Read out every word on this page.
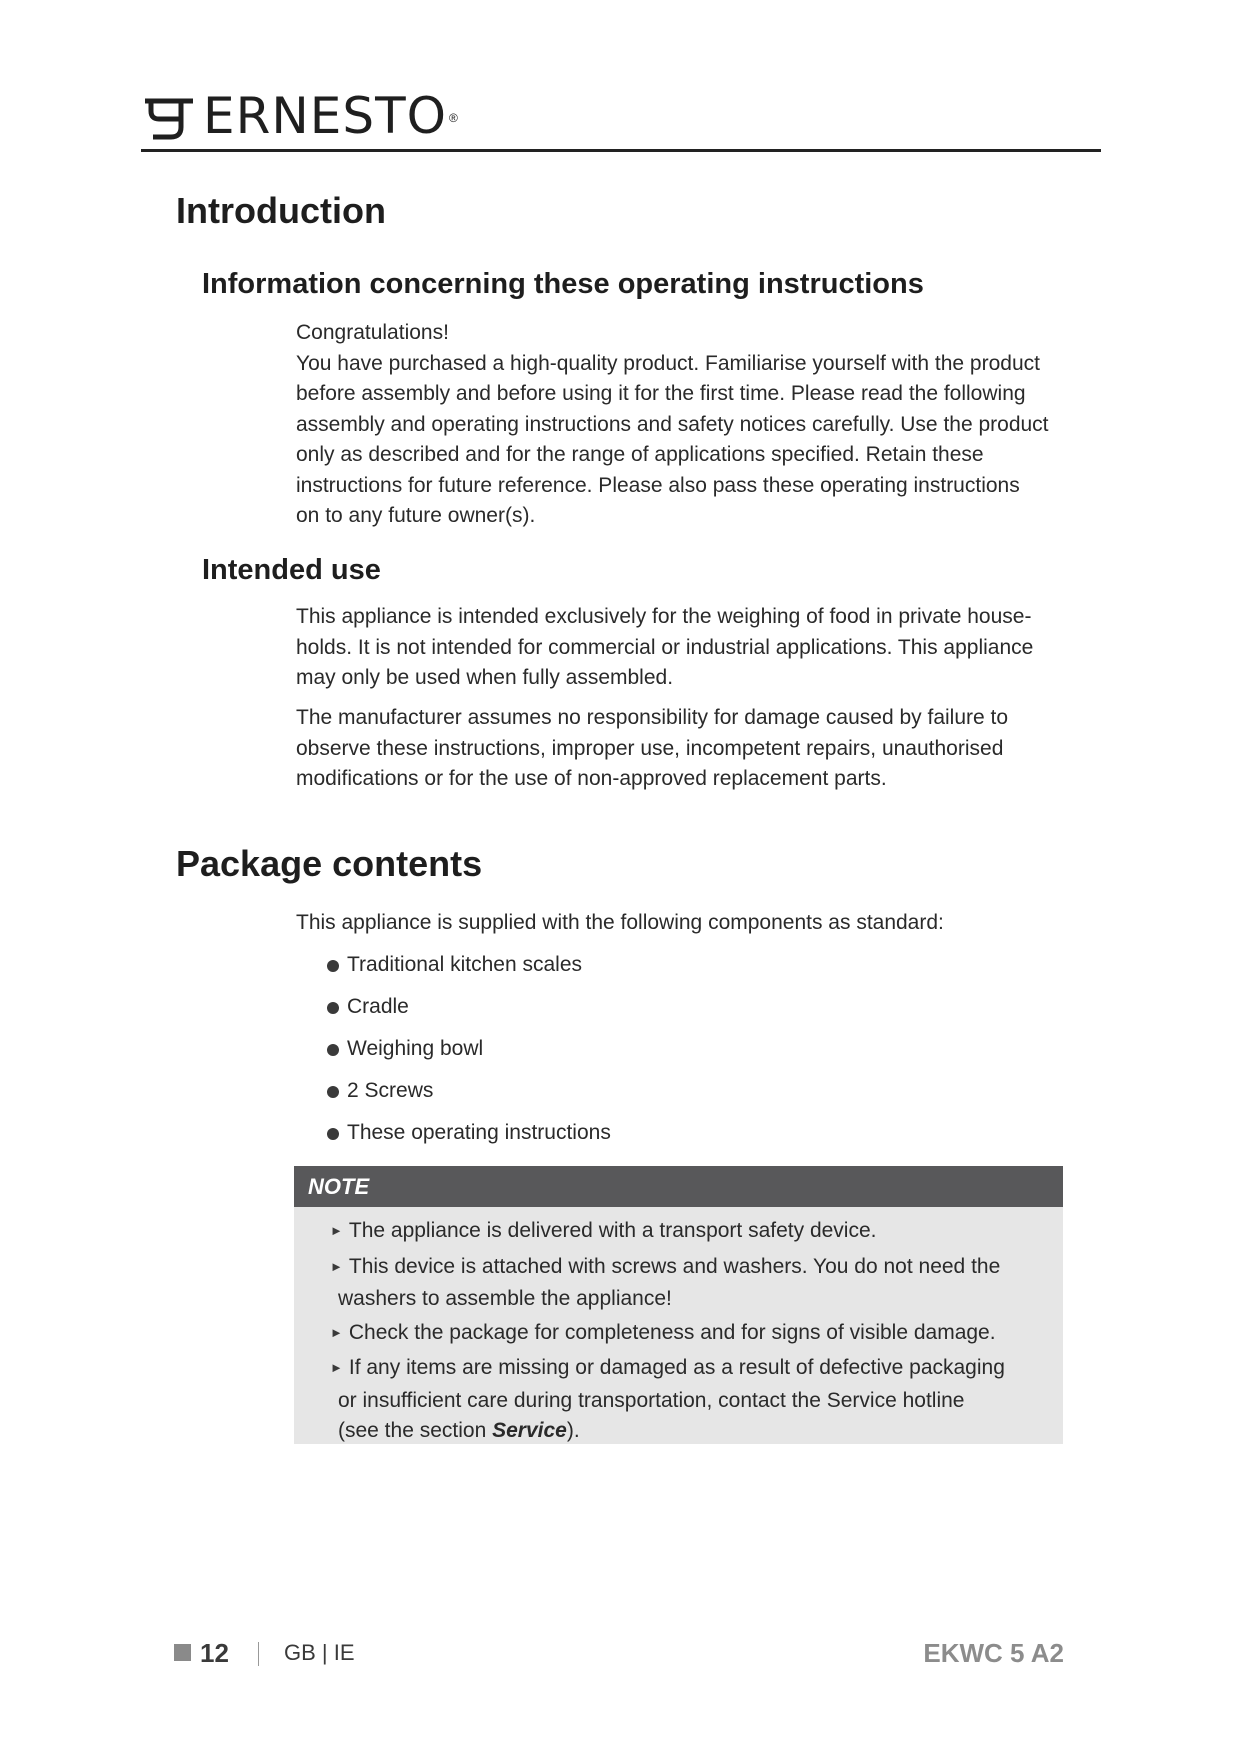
ERNESTO ®
Introduction
Information concerning these operating instructions

Congratulations!
You have purchased a high-quality product. Familiarise yourself with the product
before assembly and before using it for the first time. Please read the following
assembly and operating instructions and safety notices carefully. Use the product
only as described and for the range of applications specified. Retain these
instructions for future reference. Please also pass these operating instructions
on to any future owner(s).

Intended use

This appliance is intended exclusively for the weighing of food in private house-
holds. It is not intended for commercial or industrial applications. This appliance
may only be used when fully assembled.

The manufacturer assumes no responsibility for damage caused by failure to
observe these instructions, improper use, incompetent repairs, unauthorised
modifications or for the use of non-approved replacement parts.

Package contents

This appliance is supplied with the following components as standard:

Traditional kitchen scales
Cradle
Weighing bowl
2 Screws
These operating instructions
NOTE
► The appliance is delivered with a transport safety device.
► This device is attached with screws and washers. You do not need the
washers to assemble the appliance!
► Check the package for completeness and for signs of visible damage.
► If any items are missing or damaged as a result of defective packaging
or insufficient care during transportation, contact the Service hotline
(see the section Service).
12	GB | IE	EKWC 5 A2
